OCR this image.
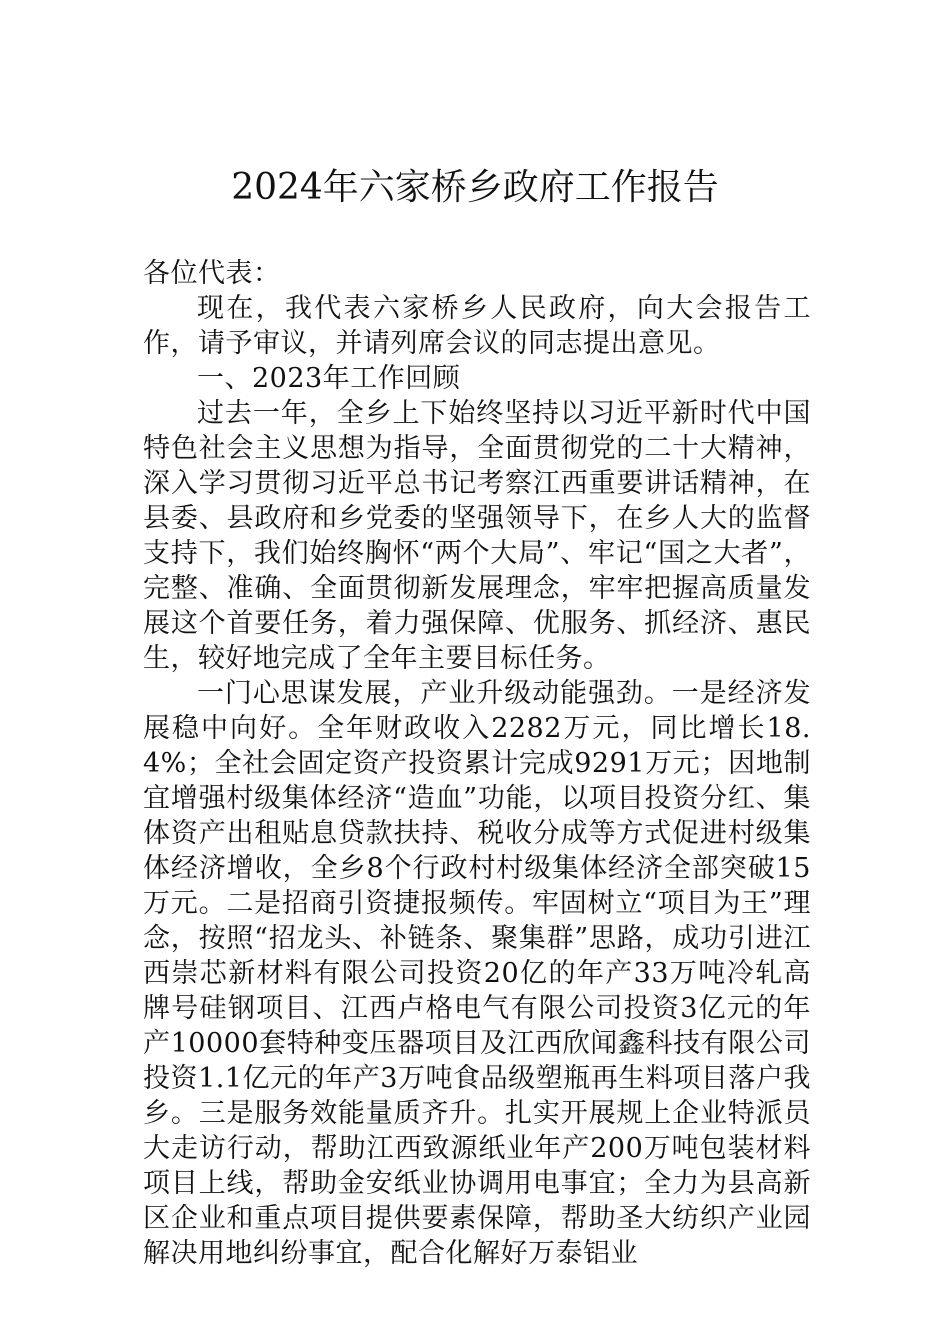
2024年六家桥乡政府工作报告

各位代表：

现在，我代表六家桥乡人民政府，向大会报告工作，请予审议，并请列席会议的同志提出意见。

一、2023年工作回顾

过去一年，全乡上下始终坚持以习近平新时代中国特色社会主义思想为指导，全面贯彻党的二十大精神，深入学习贯彻习近平总书记考察江西重要讲话精神，在县委、县政府和乡党委的坚强领导下，在乡人大的监督支持下，我们始终胸怀“两个大局”、牢记“国之大者”，完整、准确、全面贯彻新发展理念，牢牢把握高质量发展这个首要任务，着力强保障、优服务、抓经济、惠民生，较好地完成了全年主要目标任务。

一门心思谋发展，产业升级动能强劲。一是经济发展稳中向好。全年财政收入2282万元，同比增长18.4%；全社会固定资产投资累计完成9291万元；因地制宜增强村级集体经济“造血”功能，以项目投资分红、集体资产出租贴息贷款扶持、税收分成等方式促进村级集体经济增收，全乡8个行政村村级集体经济全部突破15万元。二是招商引资捷报频传。牢固树立“项目为王”理念，按照“招龙头、补链条、聚集群”思路，成功引进江西崇芯新材料有限公司投资20亿的年产33万吨冷轧高牌号硅钢项目、江西卢格电气有限公司投资3亿元的年产10000套特种变压器项目及江西欣闻鑫科技有限公司投资1.1亿元的年产3万吨食品级塑瓶再生料项目落户我乡。三是服务效能量质齐升。扎实开展规上企业特派员大走访行动，帮助江西致源纸业年产200万吨包装材料项目上线，帮助金安纸业协调用电事宜；全力为县高新区企业和重点项目提供要素保障，帮助圣大纺织产业园解决用地纠纷事宜，配合化解好万泰铝业
